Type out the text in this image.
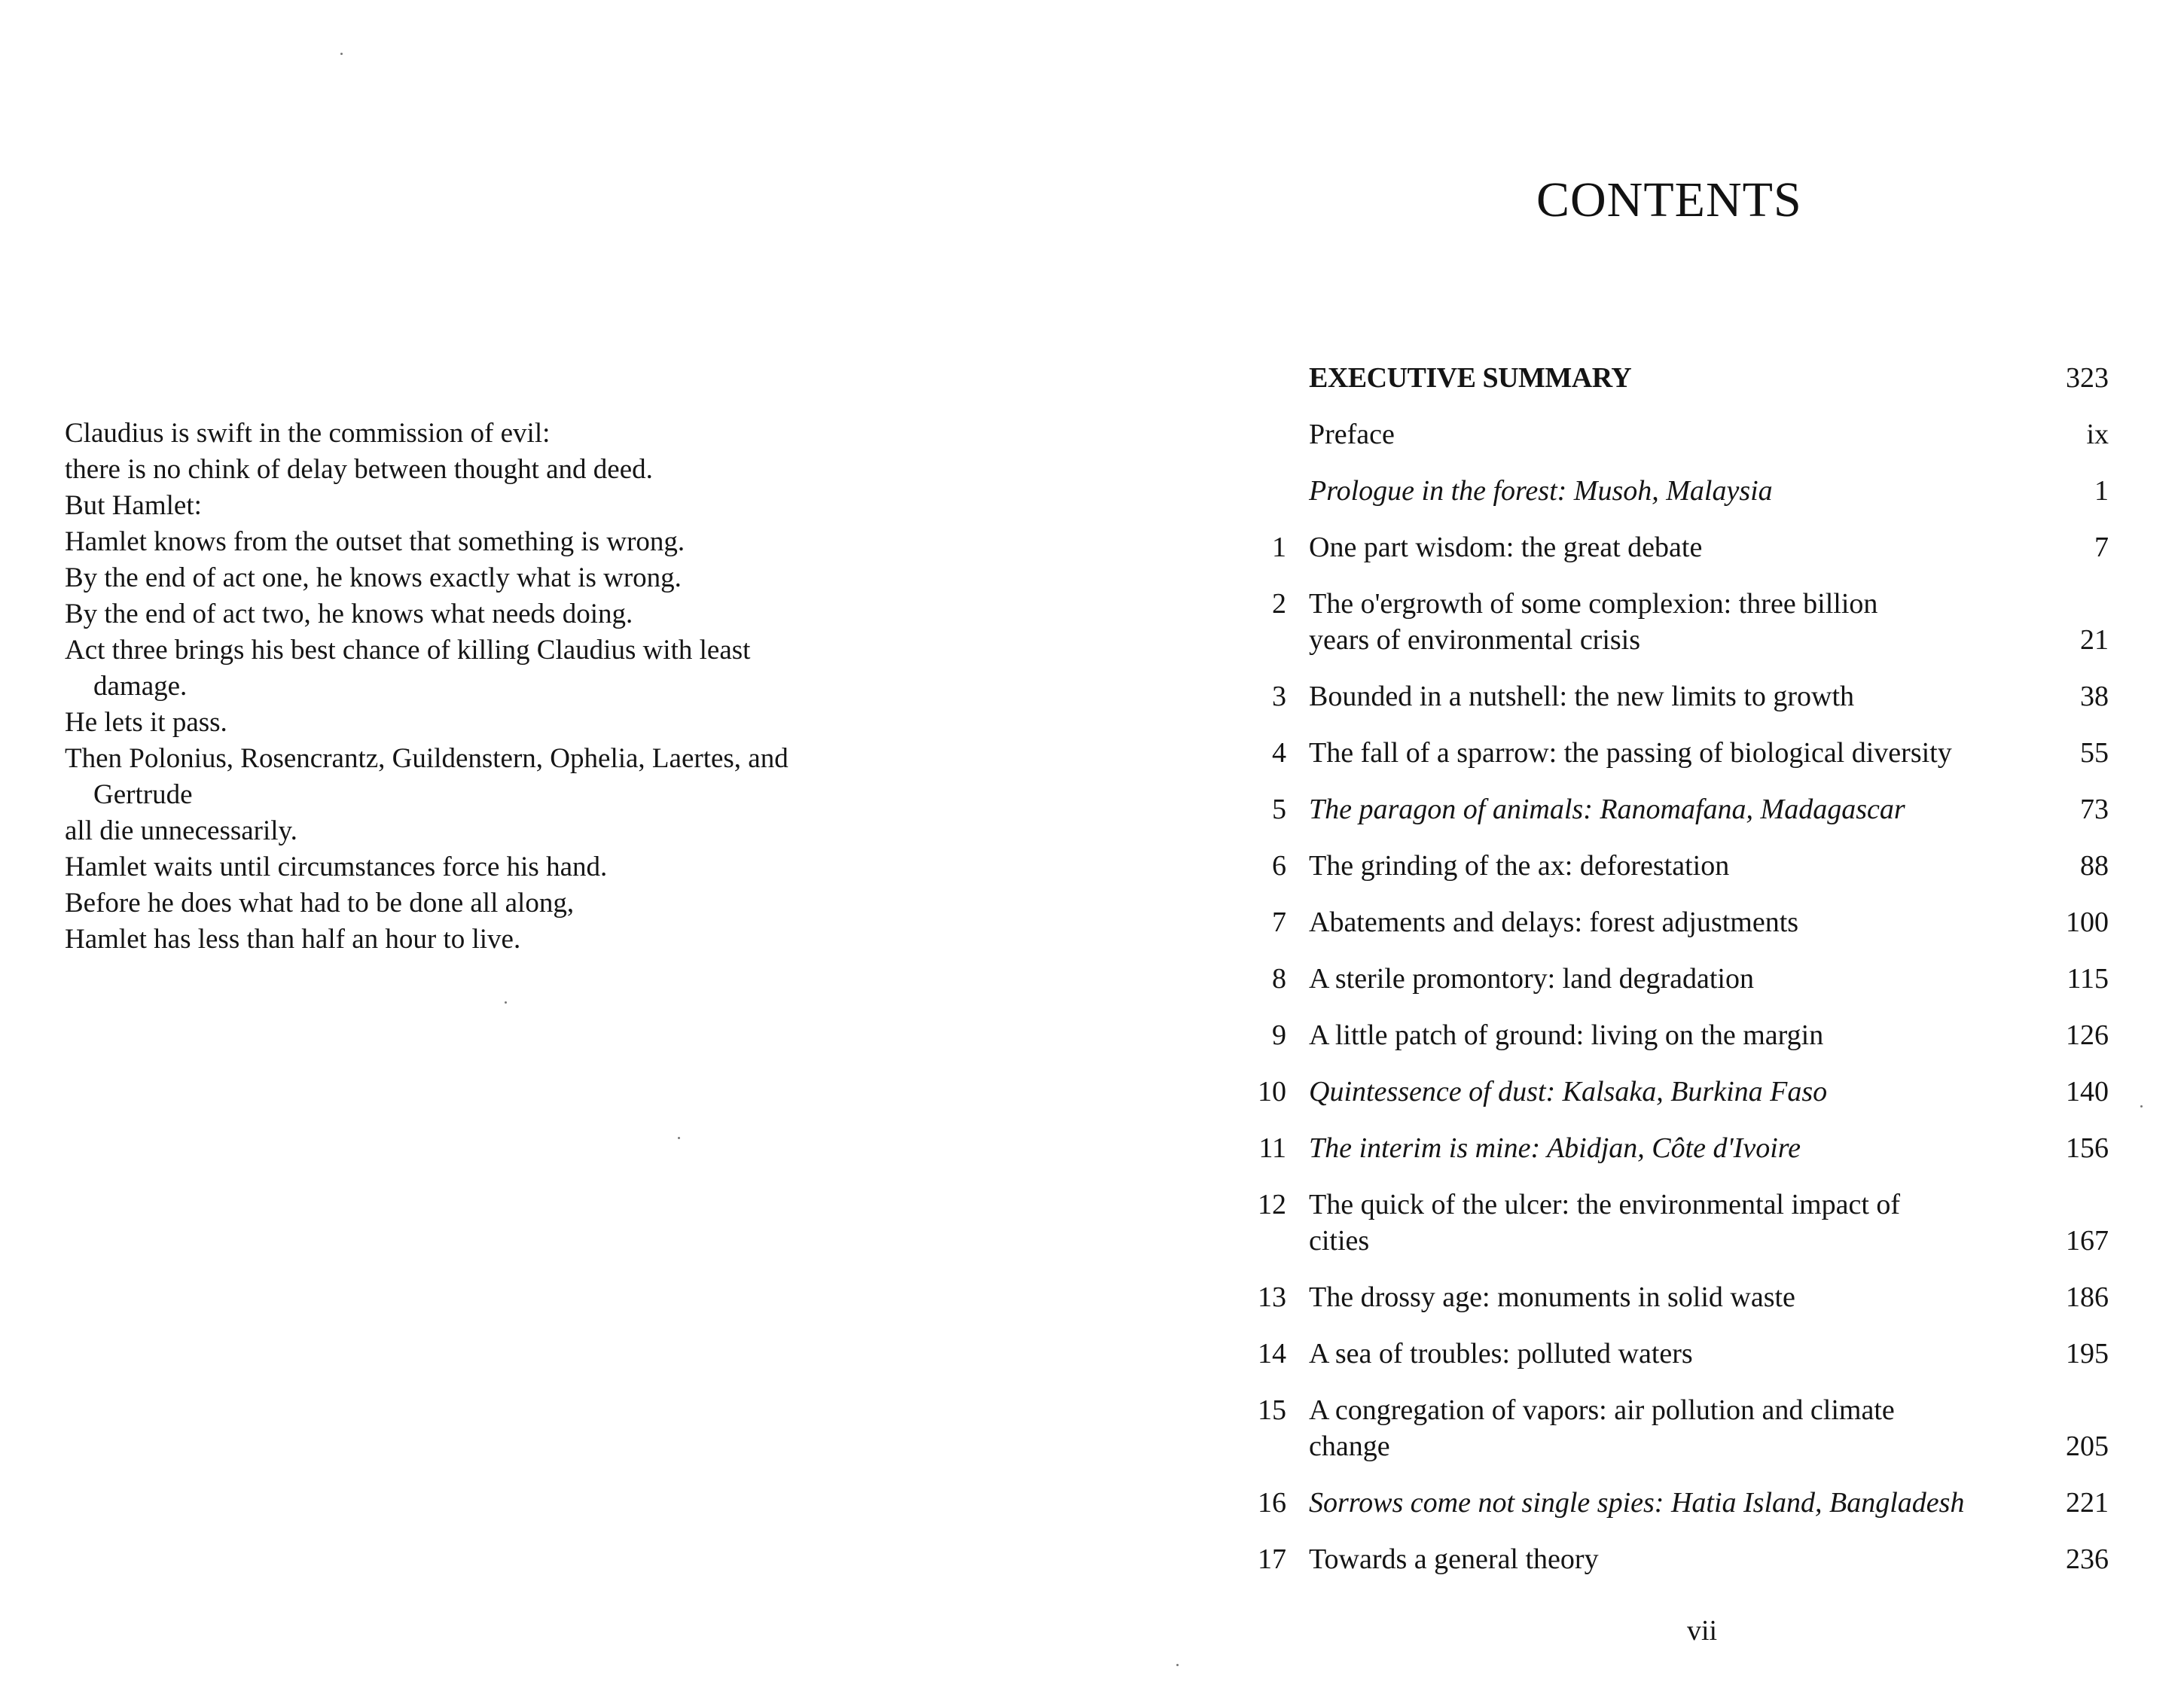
Claudius is swift in the commission of evil:
there is no chink of delay between thought and deed.
But Hamlet:
Hamlet knows from the outset that something is wrong.
By the end of act one, he knows exactly what is wrong.
By the end of act two, he knows what needs doing.
Act three brings his best chance of killing Claudius with least
damage.
He lets it pass.
Then Polonius, Rosencrantz, Guildenstern, Ophelia, Laertes, and
Gertrude
all die unnecessarily.
Hamlet waits until circumstances force his hand.
Before he does what had to be done all along,
Hamlet has less than half an hour to live.
CONTENTS
EXECUTIVE SUMMARY	323
Preface	ix
Prologue in the forest: Musoh, Malaysia	1
1 One part wisdom: the great debate	7
2 The o'ergrowth of some complexion: three billion
years of environmental crisis	21
3 Bounded in a nutshell: the new limits to growth	38
4 The fall of a sparrow: the passing of biological diversity	55
5 The paragon of animals: Ranomafana, Madagascar	73
6 The grinding of the ax: deforestation	88
7 Abatements and delays: forest adjustments	100
8 A sterile promontory: land degradation	115
9 A little patch of ground: living on the margin	126
10 Quintessence of dust: Kalsaka, Burkina Faso	140
11 The interim is mine: Abidjan, Côte d'Ivoire	156
12 The quick of the ulcer: the environmental impact of
cities	167
13 The drossy age: monuments in solid waste	186
14 A sea of troubles: polluted waters	195
15 A congregation of vapors: air pollution and climate
change	205
16 Sorrows come not single spies: Hatia Island, Bangladesh	221
17 Towards a general theory	236
vii
